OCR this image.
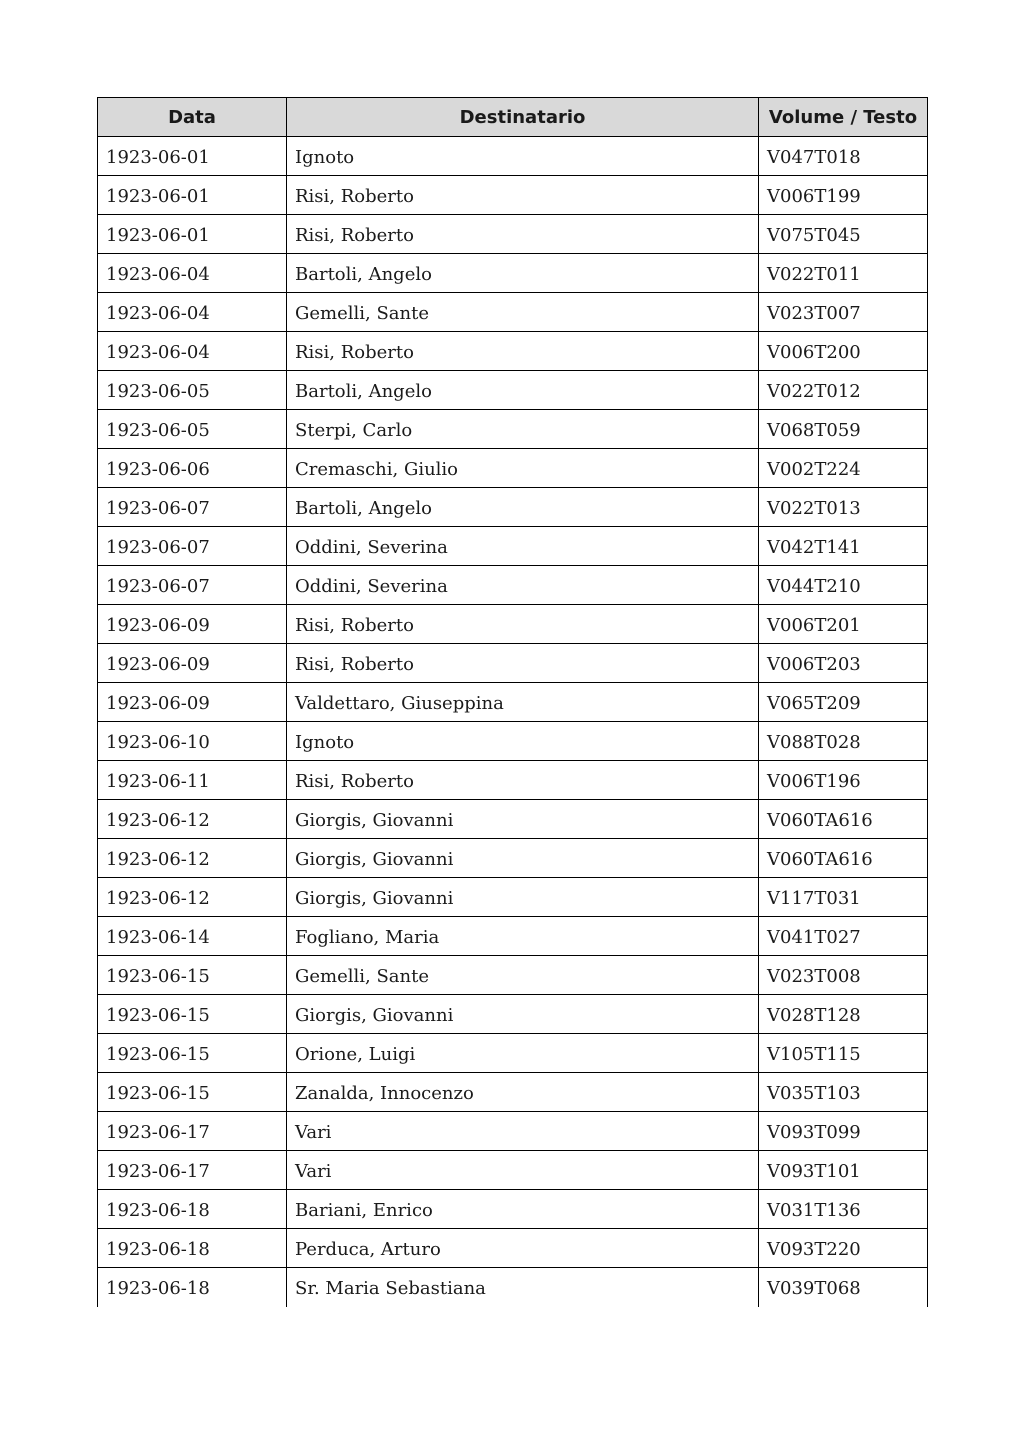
Data	Destinatario	Volume / Testo
1923-06-01	Ignoto	V047T018
1923-06-01	Risi, Roberto	V006T199
1923-06-01	Risi, Roberto	V075T045
1923-06-04	Bartoli, Angelo	V022T011
1923-06-04	Gemelli, Sante	V023T007
1923-06-04	Risi, Roberto	V006T200
1923-06-05	Bartoli, Angelo	V022T012
1923-06-05	Sterpi, Carlo	V068T059
1923-06-06	Cremaschi, Giulio	V002T224
1923-06-07	Bartoli, Angelo	V022T013
1923-06-07	Oddini, Severina	V042T141
1923-06-07	Oddini, Severina	V044T210
1923-06-09	Risi, Roberto	V006T201
1923-06-09	Risi, Roberto	V006T203
1923-06-09	Valdettaro, Giuseppina	V065T209
1923-06-10	Ignoto	V088T028
1923-06-11	Risi, Roberto	V006T196
1923-06-12	Giorgis, Giovanni	V060TA616
1923-06-12	Giorgis, Giovanni	V060TA616
1923-06-12	Giorgis, Giovanni	V117T031
1923-06-14	Fogliano, Maria	V041T027
1923-06-15	Gemelli, Sante	V023T008
1923-06-15	Giorgis, Giovanni	V028T128
1923-06-15	Orione, Luigi	V105T115
1923-06-15	Zanalda, Innocenzo	V035T103
1923-06-17	Vari	V093T099
1923-06-17	Vari	V093T101
1923-06-18	Bariani, Enrico	V031T136
1923-06-18	Perduca, Arturo	V093T220
1923-06-18	Sr. Maria Sebastiana	V039T068
